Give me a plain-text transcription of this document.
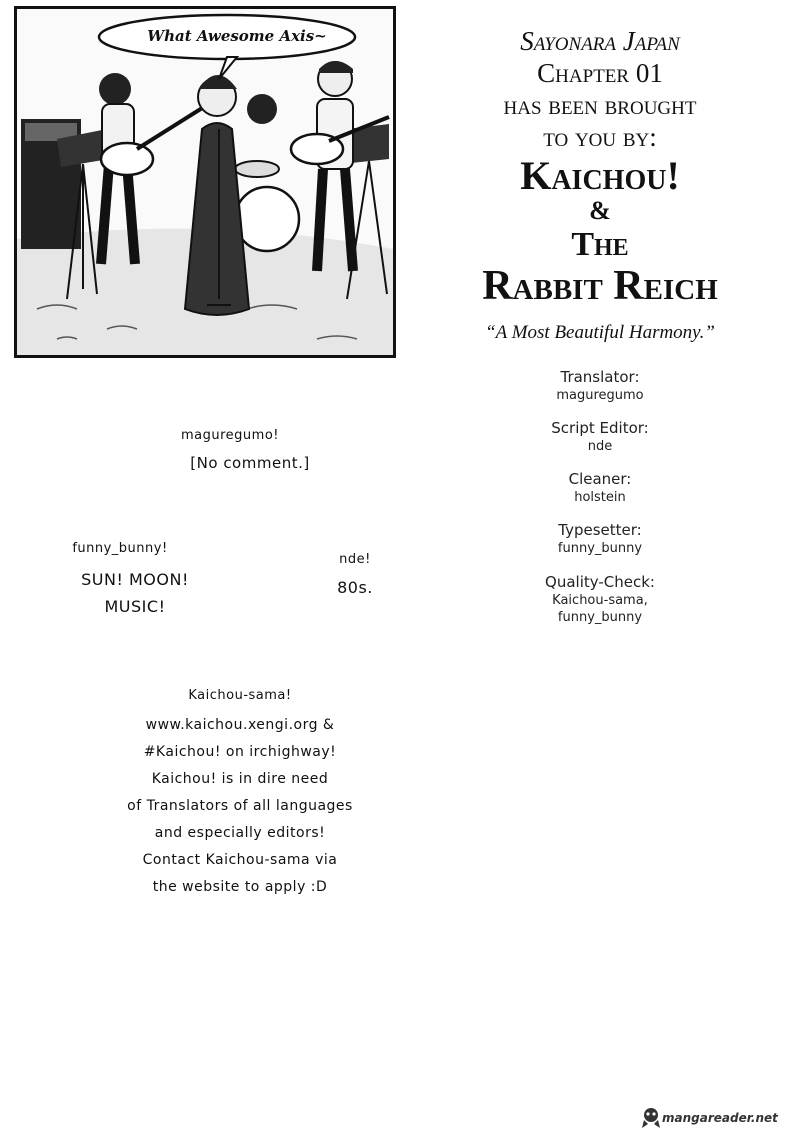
What Awesome Axis~	Sayonara Japan
Chapter 01
has been brought
to you by:
Kaichou!
&
The
Rabbit Reich
“A Most Beautiful Harmony.”
Translator:
maguregumo
Script Editor:
nde
Cleaner:
holstein
Typesetter:
funny_bunny
Quality-Check:
Kaichou-sama,
funny_bunny
maguregumo!
[No comment.]
funny_bunny!
SUN! MOON!
MUSIC!
nde!
80s.
Kaichou-sama!
www.kaichou.xengi.org &
#Kaichou! on irchighway!
Kaichou! is in dire need
of Translators of all languages
and especially editors!
Contact Kaichou-sama via
the website to apply :D
mangareader.net
